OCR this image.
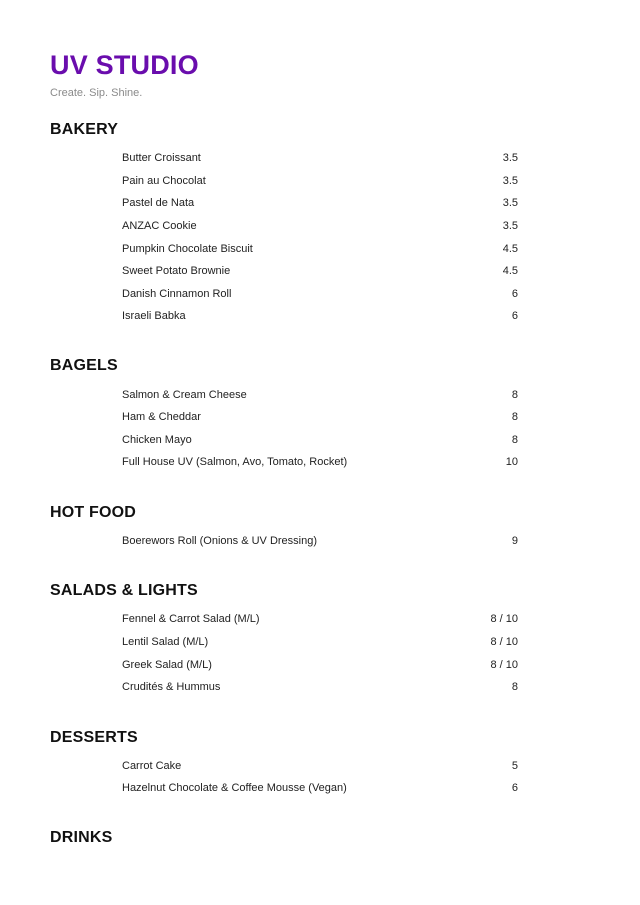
UV STUDIO
Create. Sip. Shine.
BAKERY
Butter Croissant	3.5
Pain au Chocolat	3.5
Pastel de Nata	3.5
ANZAC Cookie	3.5
Pumpkin Chocolate Biscuit	4.5
Sweet Potato Brownie	4.5
Danish Cinnamon Roll	6
Israeli Babka	6
BAGELS
Salmon & Cream Cheese	8
Ham & Cheddar	8
Chicken Mayo	8
Full House UV (Salmon, Avo, Tomato, Rocket)	10
HOT FOOD
Boerewors Roll (Onions & UV Dressing)	9
SALADS & LIGHTS
Fennel & Carrot Salad (M/L)	8 / 10
Lentil Salad (M/L)	8 / 10
Greek Salad (M/L)	8 / 10
Crudités & Hummus	8
DESSERTS
Carrot Cake	5
Hazelnut Chocolate & Coffee Mousse (Vegan)	6
DRINKS
